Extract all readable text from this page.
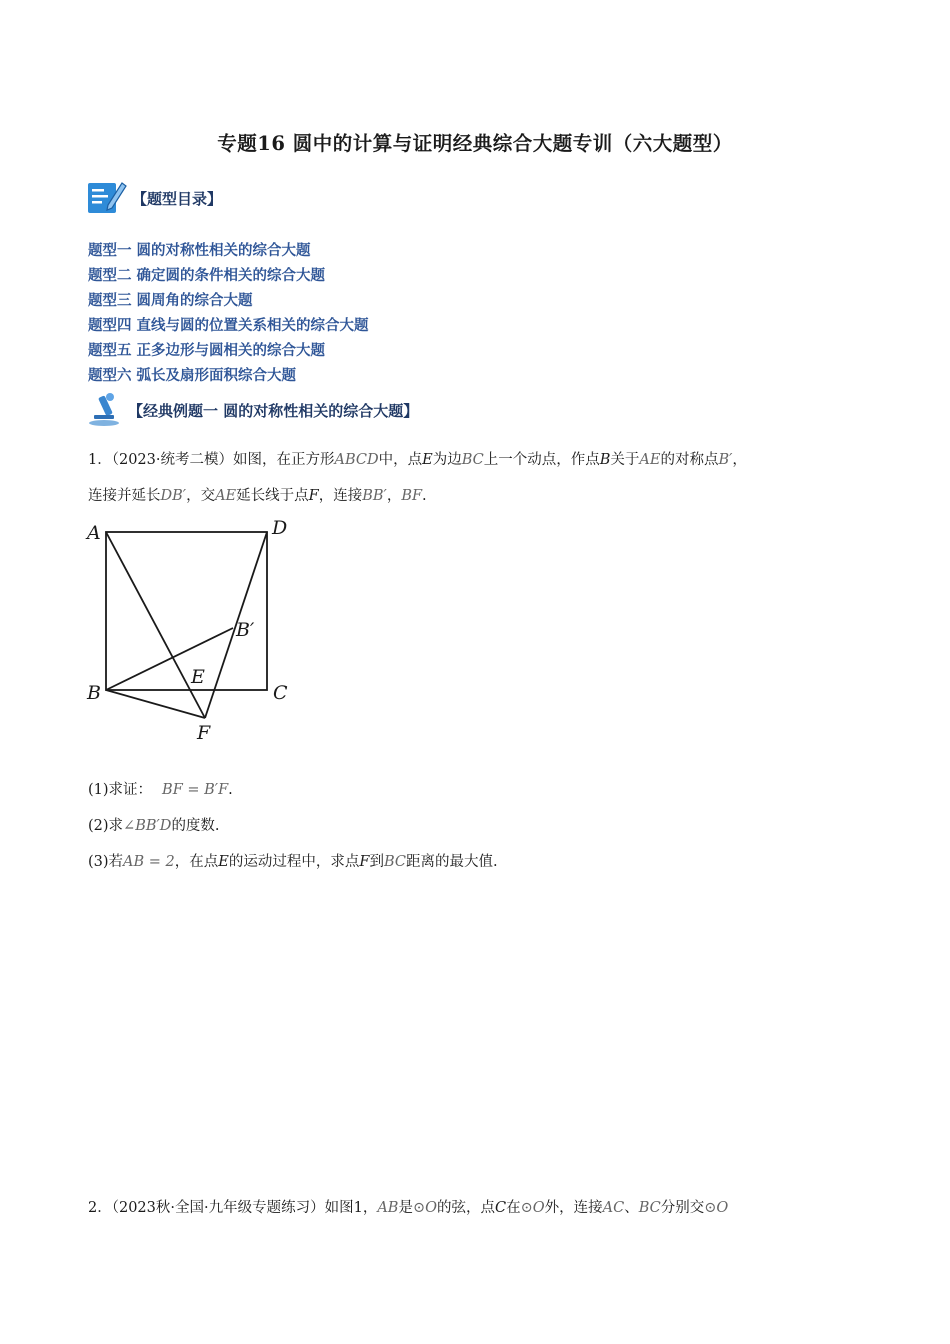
专题16 圆中的计算与证明经典综合大题专训（六大题型）
【题型目录】
题型一 圆的对称性相关的综合大题
题型二 确定圆的条件相关的综合大题
题型三 圆周角的综合大题
题型四 直线与圆的位置关系相关的综合大题
题型五 正多边形与圆相关的综合大题
题型六 弧长及扇形面积综合大题
【经典例题一 圆的对称性相关的综合大题】
1．（2023·统考二模）如图，在正方形ABCD中，点E为边BC上一个动点，作点B关于AE的对称点B′，
连接并延长DB′，交AE延长线于点F，连接BB′，BF.
A	D
B′
E
B	C
F
(1)求证： BF = B′F.
(2)求∠BB′D的度数.
(3)若AB = 2，在点E的运动过程中，求点F到BC距离的最大值.
2．（2023秋·全国·九年级专题练习）如图1，AB是⊙O的弦，点C在⊙O外，连接AC、BC分别交⊙O
